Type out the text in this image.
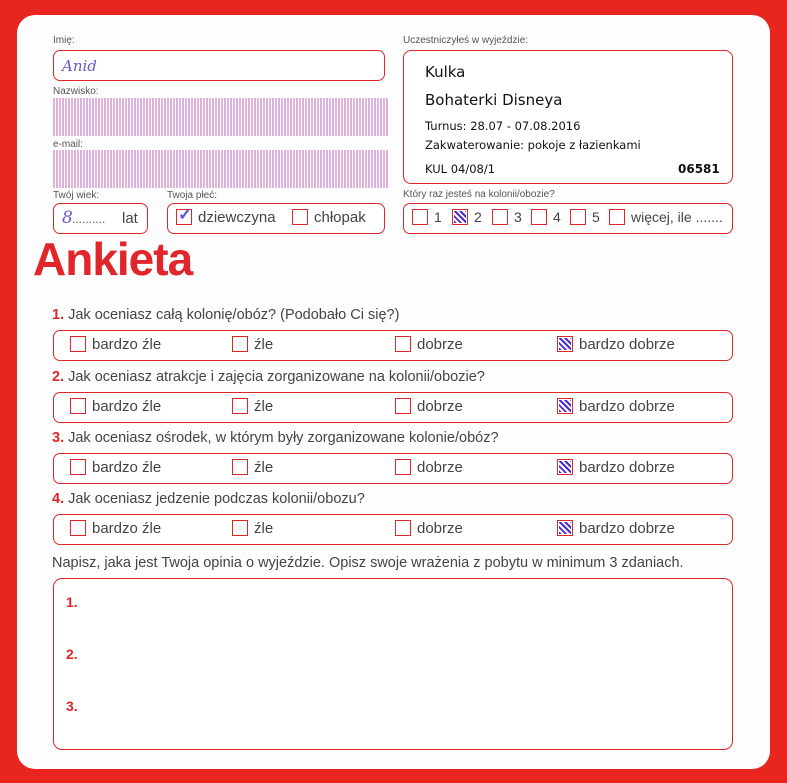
Imię:
Anid
Nazwisko:
e-mail:
Twój wiek:
8 .......... lat
Twoja płeć:
✓dziewczyna	chłopak
Uczestniczyłeś w wyjeździe:
Kulka
Bohaterki Disneya
Turnus: 28.07 - 07.08.2016
Zakwaterowanie: pokoje z łazienkami
KUL 04/08/1	06581
Który raz jesteś na kolonii/obozie?
1	2	3	4	5	więcej, ile .......
Ankieta
1. Jak oceniasz całą kolonię/obóz? (Podobało Ci się?)
bardzo źle	źle	dobrze	bardzo dobrze
2. Jak oceniasz atrakcje i zajęcia zorganizowane na kolonii/obozie?
bardzo źle	źle	dobrze	bardzo dobrze
3. Jak oceniasz ośrodek, w którym były zorganizowane kolonie/obóz?
bardzo źle	źle	dobrze	bardzo dobrze
4. Jak oceniasz jedzenie podczas kolonii/obozu?
bardzo źle	źle	dobrze	bardzo dobrze
Napisz, jaka jest Twoja opinia o wyjeździe. Opisz swoje wrażenia z pobytu w minimum 3 zdaniach.
1.
2.
3.
